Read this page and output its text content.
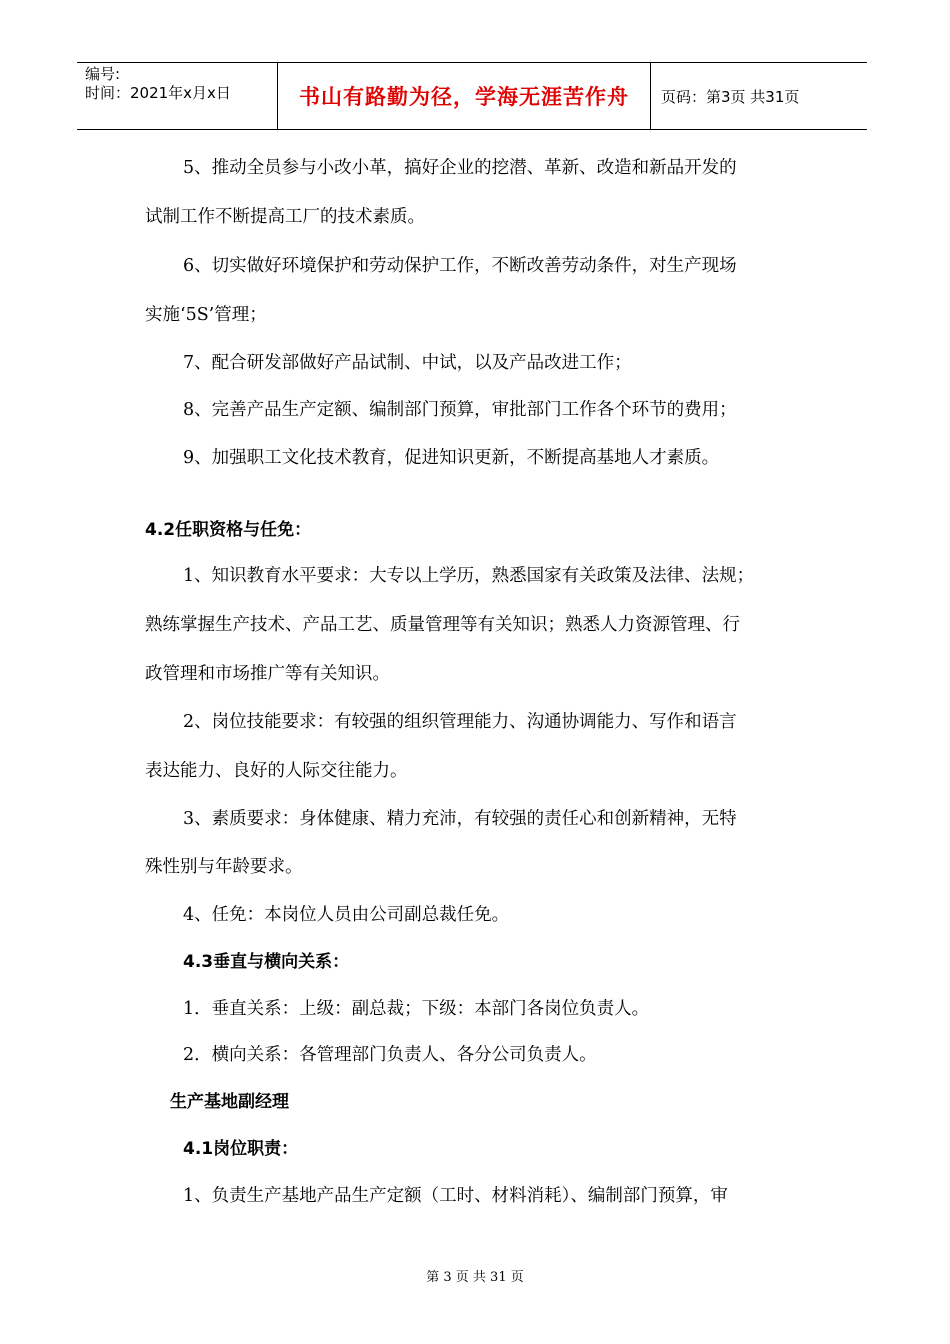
编号:
时间：2021年x月x日	书山有路勤为径，学海无涯苦作舟	页码：第3页 共31页

5、推动全员参与小改小革，搞好企业的挖潜、革新、改造和新品开发的

试制工作不断提高工厂的技术素质。

6、切实做好环境保护和劳动保护工作，不断改善劳动条件，对生产现场

实施‘5S’管理；

7、配合研发部做好产品试制、中试，以及产品改进工作；

8、完善产品生产定额、编制部门预算，审批部门工作各个环节的费用；

9、加强职工文化技术教育，促进知识更新，不断提高基地人才素质。

4.2任职资格与任免：

1、知识教育水平要求：大专以上学历，熟悉国家有关政策及法律、法规；

熟练掌握生产技术、产品工艺、质量管理等有关知识；熟悉人力资源管理、行

政管理和市场推广等有关知识。

2、岗位技能要求：有较强的组织管理能力、沟通协调能力、写作和语言

表达能力、良好的人际交往能力。

3、素质要求：身体健康、精力充沛，有较强的责任心和创新精神，无特

殊性别与年龄要求。

4、任免：本岗位人员由公司副总裁任免。

4.3垂直与横向关系：

1．垂直关系：上级：副总裁；下级：本部门各岗位负责人。

2．横向关系：各管理部门负责人、各分公司负责人。

生产基地副经理

4.1岗位职责：

1、负责生产基地产品生产定额（工时、材料消耗）、编制部门预算，审

第 3 页 共 31 页
